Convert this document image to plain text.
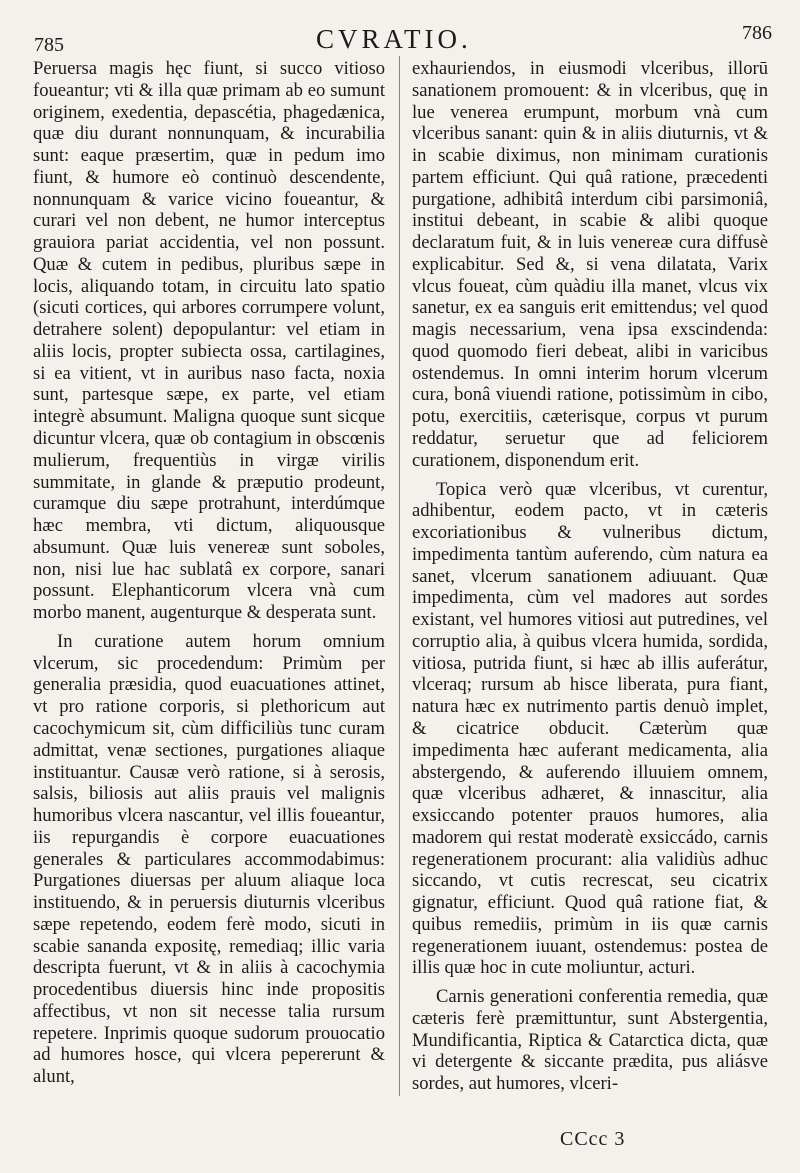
785	CVRATIO.	786

Peruersa magis hęc fiunt, si succo vitioso foueantur; vti & illa quæ primam ab eo sumunt originem, exedentia, depascétia, phagedænica, quæ diu durant nonnunquam, & incurabilia sunt: eaque præsertim, quæ in pedum imo fiunt, & humore eò continuò descendente, nonnunquam & varice vicino foueantur, & curari vel non debent, ne humor interceptus grauiora pariat accidentia, vel non possunt. Quæ & cutem in pedibus, pluribus sæpe in locis, aliquando totam, in circuitu lato spatio (sicuti cortices, qui arbores corrumpere volunt, detrahere solent) depopulantur: vel etiam in aliis locis, propter subiecta ossa, cartilagines, si ea vitient, vt in auribus naso facta, noxia sunt, partesque sæpe, ex parte, vel etiam integrè absumunt. Maligna quoque sunt sicque dicuntur vlcera, quæ ob contagium in obscœnis mulierum, frequentiùs in virgæ virilis summitate, in glande & præputio prodeunt, curamque diu sæpe protrahunt, interdúmque hæc membra, vti dictum, aliquousque absumunt. Quæ luis venereæ sunt soboles, non, nisi lue hac sublatâ ex corpore, sanari possunt. Elephanticorum vlcera vnà cum morbo manent, augenturque & desperata sunt.

In curatione autem horum omnium vlcerum, sic procedendum: Primùm per generalia præsidia, quod euacuationes attinet, vt pro ratione corporis, si plethoricum aut cacochymicum sit, cùm difficiliùs tunc curam admittat, venæ sectiones, purgationes aliaque instituantur. Causæ verò ratione, si à serosis, salsis, biliosis aut aliis prauis vel malignis humoribus vlcera nascantur, vel illis foueantur, iis repurgandis è corpore euacuationes generales & particulares accommodabimus: Purgationes diuersas per aluum aliaque loca instituendo, & in peruersis diuturnis vlceribus sæpe repetendo, eodem ferè modo, sicuti in scabie sananda expositę, remediaq; illic varia descripta fuerunt, vt & in aliis à cacochymia procedentibus diuersis hinc inde propositis affectibus, vt non sit necesse talia rursum repetere. Inprimis quoque sudorum prouocatio ad humores hosce, qui vlcera pepererunt & alunt,

exhauriendos, in eiusmodi vlceribus, illorū sanationem promouent: & in vlceribus, quę in lue venerea erumpunt, morbum vnà cum vlceribus sanant: quin & in aliis diuturnis, vt & in scabie diximus, non minimam curationis partem efficiunt. Qui quâ ratione, præcedenti purgatione, adhibitâ interdum cibi parsimoniâ, institui debeant, in scabie & alibi quoque declaratum fuit, & in luis venereæ cura diffusè explicabitur. Sed &, si vena dilatata, Varix vlcus foueat, cùm quàdiu illa manet, vlcus vix sanetur, ex ea sanguis erit emittendus; vel quod magis necessarium, vena ipsa exscindenda: quod quomodo fieri debeat, alibi in varicibus ostendemus. In omni interim horum vlcerum cura, bonâ viuendi ratione, potissimùm in cibo, potu, exercitiis, cæterisque, corpus vt purum reddatur, seruetur que ad feliciorem curationem, disponendum erit.

Topica verò quæ vlceribus, vt curentur, adhibentur, eodem pacto, vt in cæteris excoriationibus & vulneribus dictum, impedimenta tantùm auferendo, cùm natura ea sanet, vlcerum sanationem adiuuant. Quæ impedimenta, cùm vel madores aut sordes existant, vel humores vitiosi aut putredines, vel corruptio alia, à quibus vlcera humida, sordida, vitiosa, putrida fiunt, si hæc ab illis auferátur, vlceraq; rursum ab hisce liberata, pura fiant, natura hæc ex nutrimento partis denuò implet, & cicatrice obducit. Cæterùm quæ impedimenta hæc auferant medicamenta, alia abstergendo, & auferendo illuuiem omnem, quæ vlceribus adhæret, & innascitur, alia exsiccando potenter prauos humores, alia madorem qui restat moderatè exsiccádo, carnis regenerationem procurant: alia validiùs adhuc siccando, vt cutis recrescat, seu cicatrix gignatur, efficiunt. Quod quâ ratione fiat, & quibus remediis, primùm in iis quæ carnis regenerationem iuuant, ostendemus: postea de illis quæ hoc in cute moliuntur, acturi.

Carnis generationi conferentia remedia, quæ cæteris ferè præmittuntur, sunt Abstergentia, Mundificantia, Riptica & Catarctica dicta, quæ vi detergente & siccante prædita, pus aliásve sordes, aut humores, vlceri-

CCcc 3
